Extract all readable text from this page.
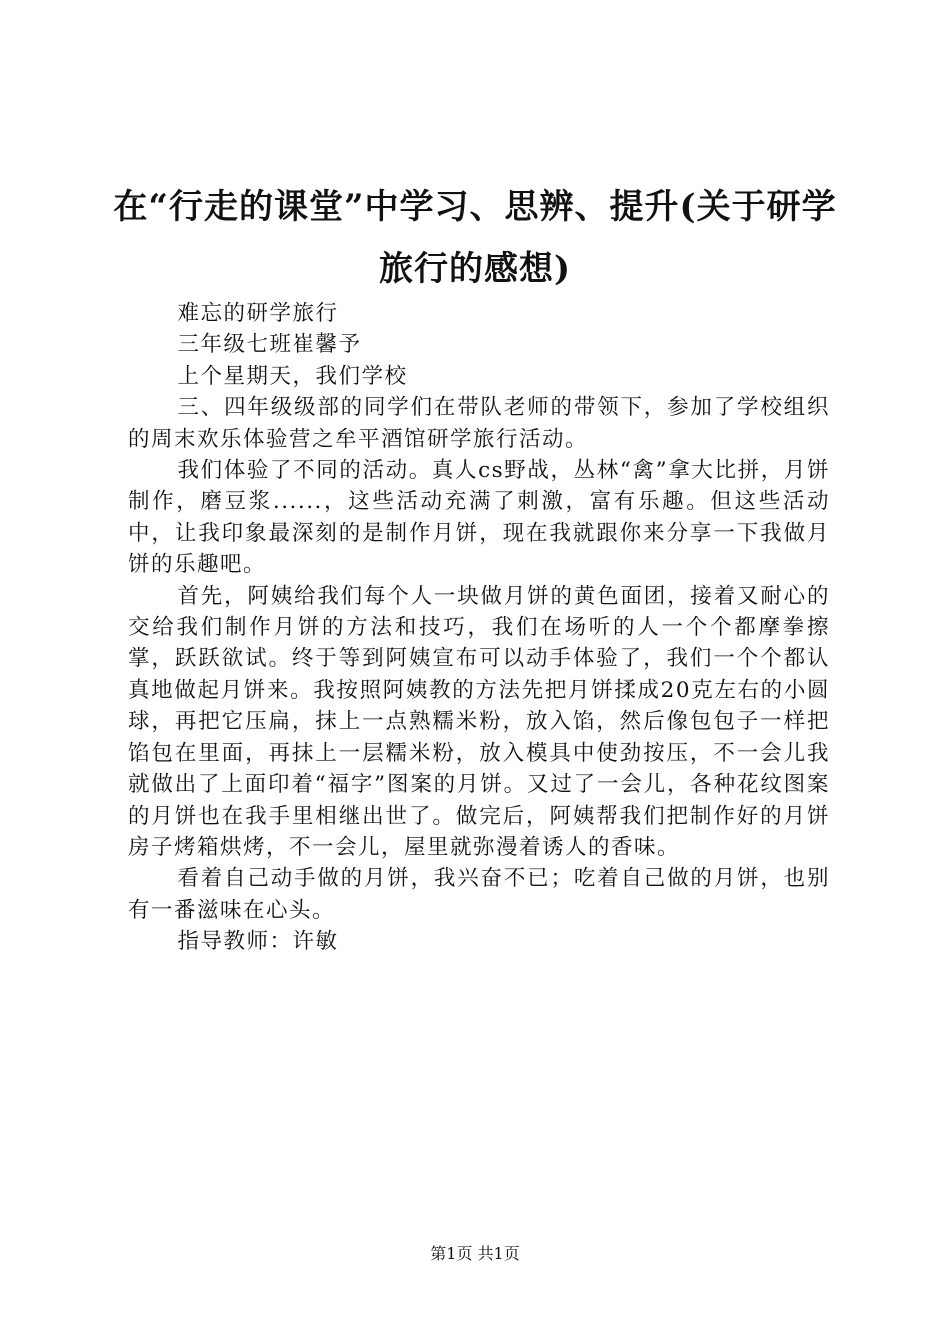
在“行走的课堂”中学习、思辨、提升(关于研学旅行的感想)

难忘的研学旅行

三年级七班崔馨予

上个星期天，我们学校

三、四年级级部的同学们在带队老师的带领下，参加了学校组织的周末欢乐体验营之牟平酒馆研学旅行活动。

我们体验了不同的活动。真人cs野战，丛林“禽”拿大比拼，月饼制作，磨豆浆......，这些活动充满了刺激，富有乐趣。但这些活动中，让我印象最深刻的是制作月饼，现在我就跟你来分享一下我做月饼的乐趣吧。

首先，阿姨给我们每个人一块做月饼的黄色面团，接着又耐心的交给我们制作月饼的方法和技巧，我们在场听的人一个个都摩拳擦掌，跃跃欲试。终于等到阿姨宣布可以动手体验了，我们一个个都认真地做起月饼来。我按照阿姨教的方法先把月饼揉成20克左右的小圆球，再把它压扁，抹上一点熟糯米粉，放入馅，然后像包包子一样把馅包在里面，再抹上一层糯米粉，放入模具中使劲按压，不一会儿我就做出了上面印着“福字”图案的月饼。又过了一会儿，各种花纹图案的月饼也在我手里相继出世了。做完后，阿姨帮我们把制作好的月饼房子烤箱烘烤，不一会儿，屋里就弥漫着诱人的香味。

看着自己动手做的月饼，我兴奋不已；吃着自己做的月饼，也别有一番滋味在心头。

指导教师：许敏

第1页 共1页
